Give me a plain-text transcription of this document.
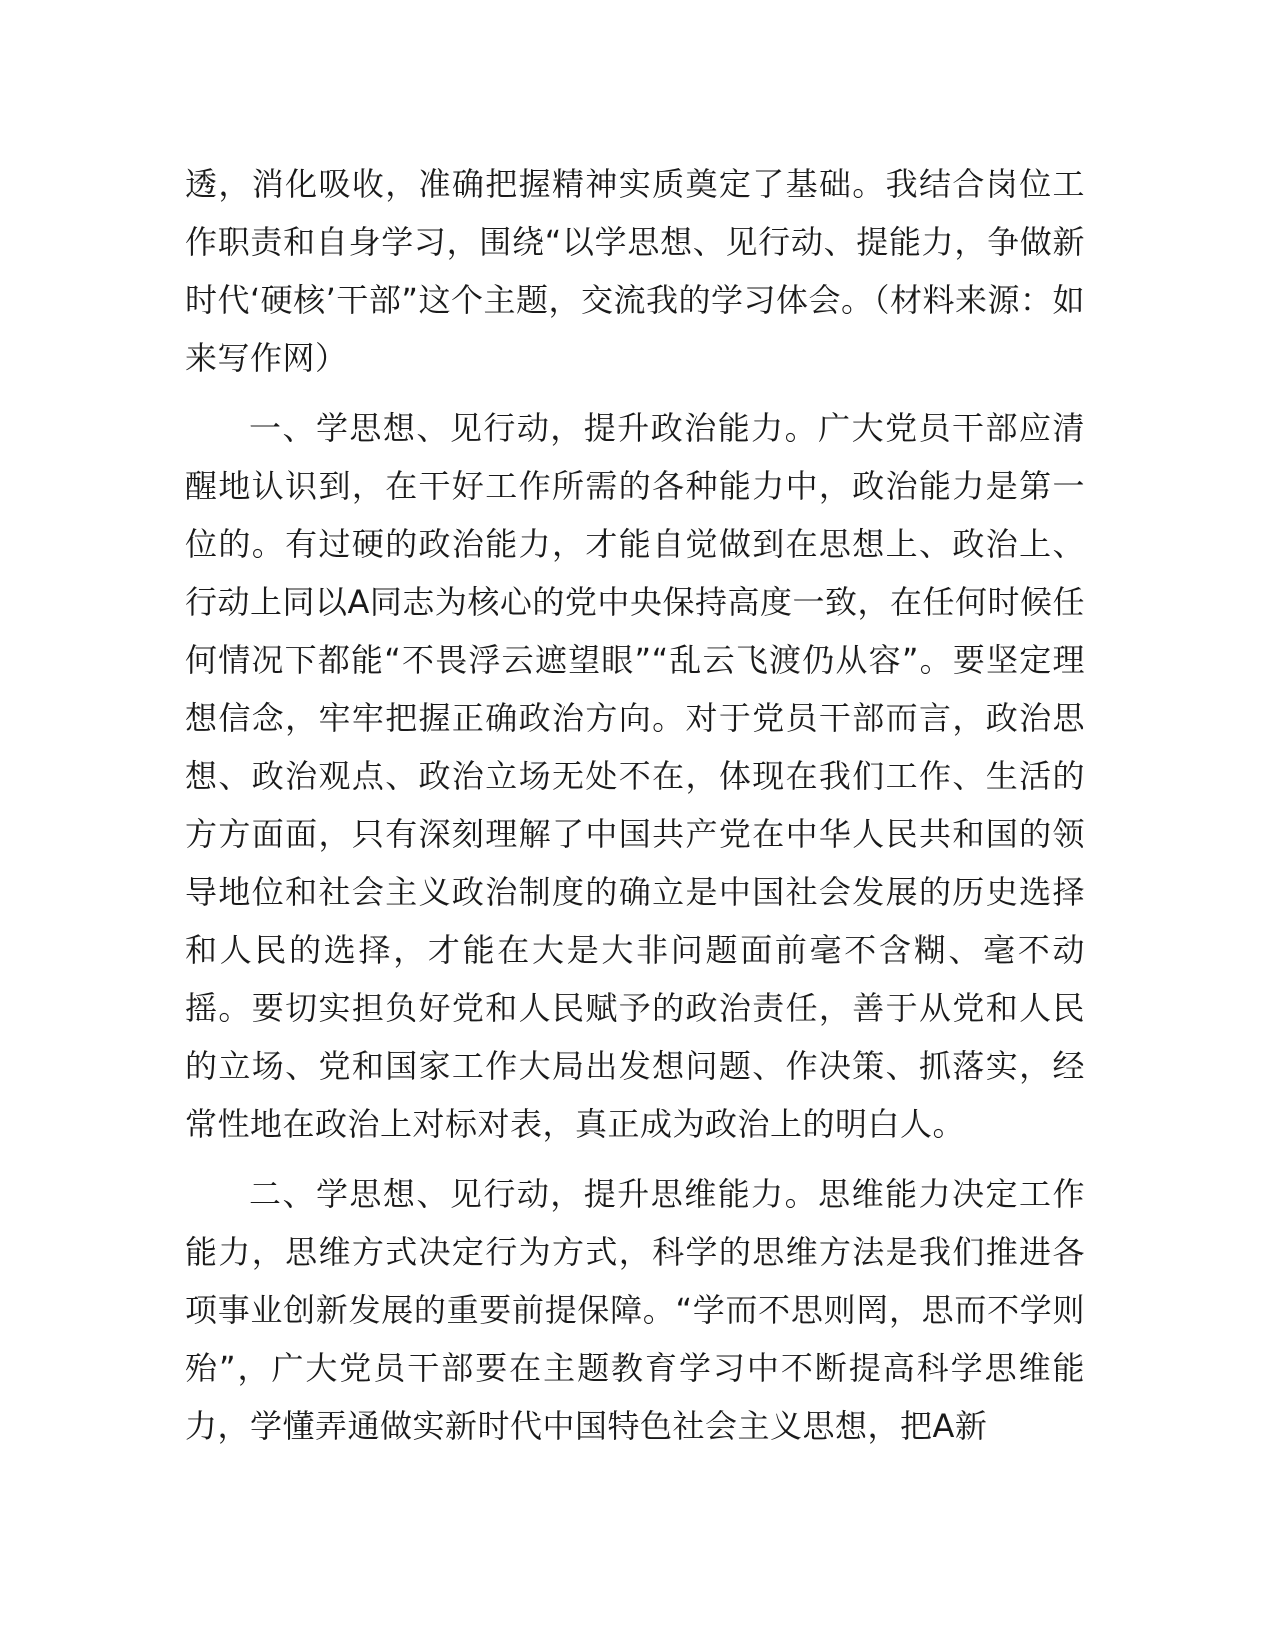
透，消化吸收，准确把握精神实质奠定了基础。我结合岗位工作职责和自身学习，围绕“以学思想、见行动、提能力，争做新时代‘硬核’干部”这个主题，交流我的学习体会。（材料来源：如来写作网）

一、学思想、见行动，提升政治能力。广大党员干部应清醒地认识到，在干好工作所需的各种能力中，政治能力是第一位的。有过硬的政治能力，才能自觉做到在思想上、政治上、行动上同以A同志为核心的党中央保持高度一致，在任何时候任何情况下都能“不畏浮云遮望眼”“乱云飞渡仍从容”。要坚定理想信念，牢牢把握正确政治方向。对于党员干部而言，政治思想、政治观点、政治立场无处不在，体现在我们工作、生活的方方面面，只有深刻理解了中国共产党在中华人民共和国的领导地位和社会主义政治制度的确立是中国社会发展的历史选择和人民的选择，才能在大是大非问题面前毫不含糊、毫不动摇。要切实担负好党和人民赋予的政治责任，善于从党和人民的立场、党和国家工作大局出发想问题、作决策、抓落实，经常性地在政治上对标对表，真正成为政治上的明白人。

二、学思想、见行动，提升思维能力。思维能力决定工作能力，思维方式决定行为方式，科学的思维方法是我们推进各项事业创新发展的重要前提保障。“学而不思则罔，思而不学则殆”，广大党员干部要在主题教育学习中不断提高科学思维能力，学懂弄通做实新时代中国特色社会主义思想，把A新
